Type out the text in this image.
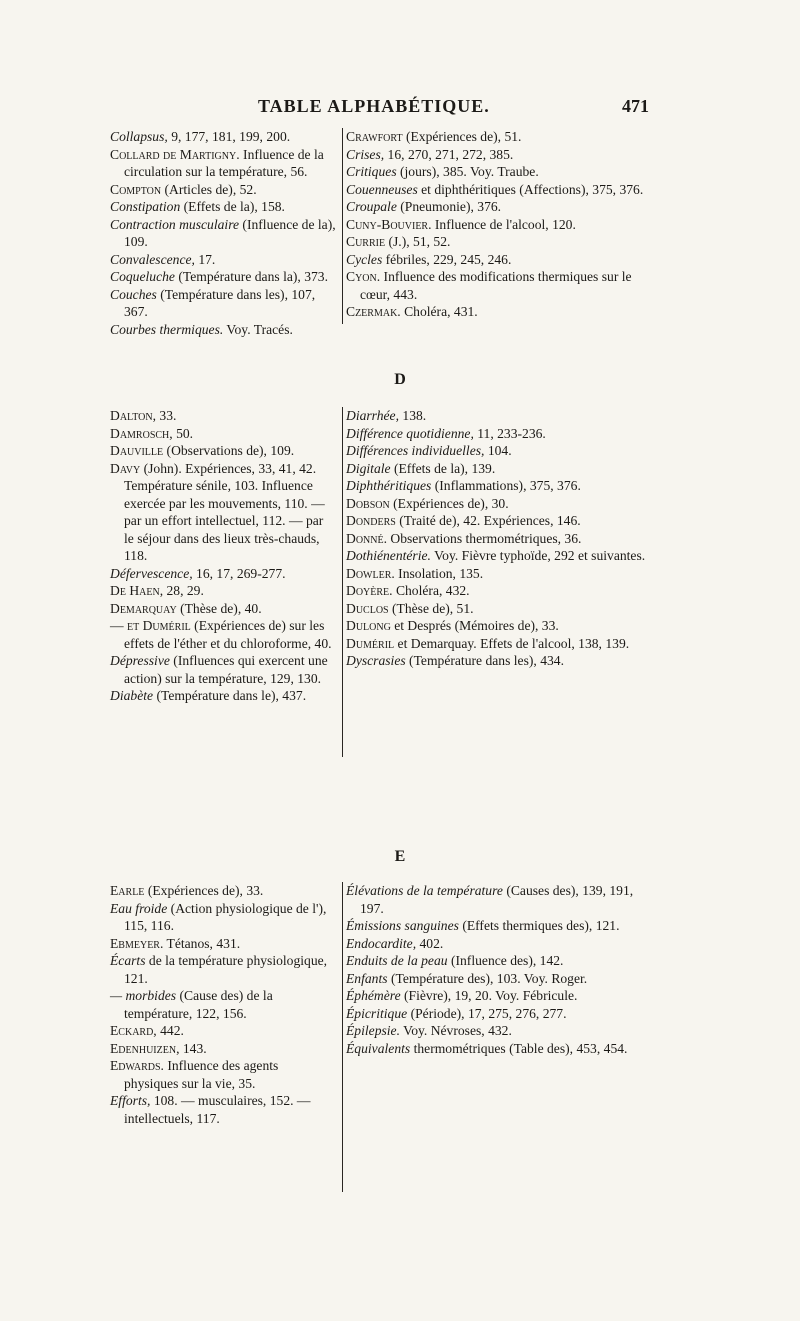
TABLE ALPHABÉTIQUE.	471

Collapsus, 9, 177, 181, 199, 200.

Collard de Martigny. Influence de la circulation sur la température, 56.

Compton (Articles de), 52.

Constipation (Effets de la), 158.

Contraction musculaire (Influence de la), 109.

Convalescence, 17.

Coqueluche (Température dans la), 373.

Couches (Température dans les), 107, 367.

Courbes thermiques. Voy. Tracés.

Crawfort (Expériences de), 51.

Crises, 16, 270, 271, 272, 385.

Critiques (jours), 385. Voy. Traube.

Couenneuses et diphthéritiques (Affections), 375, 376.

Croupale (Pneumonie), 376.

Cuny-Bouvier. Influence de l'alcool, 120.

Currie (J.), 51, 52.

Cycles fébriles, 229, 245, 246.

Cyon. Influence des modifications thermiques sur le cœur, 443.

Czermak. Choléra, 431.

D

Dalton, 33.

Damrosch, 50.

Dauville (Observations de), 109.

Davy (John). Expériences, 33, 41, 42. Température sénile, 103. Influence exercée par les mouvements, 110. — par un effort intellectuel, 112. — par le séjour dans des lieux très-chauds, 118.

Défervescence, 16, 17, 269-277.

De Haen, 28, 29.

Demarquay (Thèse de), 40.

— et Duméril (Expériences de) sur les effets de l'éther et du chloroforme, 40.

Dépressive (Influences qui exercent une action) sur la température, 129, 130.

Diabète (Température dans le), 437.

Diarrhée, 138.

Différence quotidienne, 11, 233-236.

Différences individuelles, 104.

Digitale (Effets de la), 139.

Diphthéritiques (Inflammations), 375, 376.

Dobson (Expériences de), 30.

Donders (Traité de), 42. Expériences, 146.

Donné. Observations thermométriques, 36.

Dothiénentérie. Voy. Fièvre typhoïde, 292 et suivantes.

Dowler. Insolation, 135.

Doyère. Choléra, 432.

Duclos (Thèse de), 51.

Dulong et Després (Mémoires de), 33.

Duméril et Demarquay. Effets de l'alcool, 138, 139.

Dyscrasies (Température dans les), 434.

E

Earle (Expériences de), 33.

Eau froide (Action physiologique de l'), 115, 116.

Ebmeyer. Tétanos, 431.

Écarts de la température physiologique, 121.

— morbides (Cause des) de la température, 122, 156.

Eckard, 442.

Edenhuizen, 143.

Edwards. Influence des agents physiques sur la vie, 35.

Efforts, 108. — musculaires, 152. — intellectuels, 117.

Élévations de la température (Causes des), 139, 191, 197.

Émissions sanguines (Effets thermiques des), 121.

Endocardite, 402.

Enduits de la peau (Influence des), 142.

Enfants (Température des), 103. Voy. Roger.

Éphémère (Fièvre), 19, 20. Voy. Fébricule.

Épicritique (Période), 17, 275, 276, 277.

Épilepsie. Voy. Névroses, 432.

Équivalents thermométriques (Table des), 453, 454.
